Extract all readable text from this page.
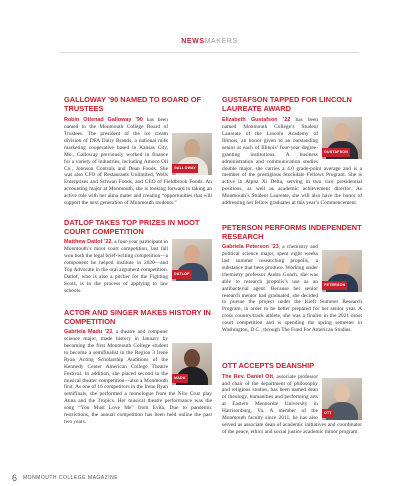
NEWSMAKERS
GALLOWAY ’90 NAMED TO BOARD OF TRUSTEES

GALLOWAY
Robin Ottenad Galloway ’90 has been named to the Monmouth College Board of Trustees. The president of the ice cream division of DFA Dairy Brands, a national milk marketing cooperative based in Kansas City, Mo., Galloway previously worked in finance for a variety of industries, including Amoco Oil Co., Johnson Controls and Dean Foods. She was also CFO of Restaurants Unlimited, Wells Enterprises and Schwan Foods, and CEO of Fieldbrook Foods. An accounting major at Monmouth, she is looking forward to taking an active role with her alma mater and creating “opportunities that will support the next generation of Monmouth students.”

DATLOF TAKES TOP PRIZES IN MOOT COURT COMPETITION

DATLOF
Matthew Datlof ’22, a four-year participant in Monmouth’s moot court competition, last fall won both the legal brief-writing competition—a component he helped institute in 2020—and Top Advocate in the oral argument competition. Datlof, who is also a pitcher for the Fighting Scots, is in the process of applying to law schools.

ACTOR AND SINGER MAKES HISTORY IN COMPETITION

MADU
Gabriela Madu ’23, a theatre and computer science major, made history in January by becoming the first Monmouth College student to become a semifinalist in the Region 3 Irene Ryan Acting Scholarship Auditions of the Kennedy Center American College Theatre Festival. In addition, she placed second in the musical theater competition—also a Monmouth first. As one of 16 competitors in the Irene Ryan semifinals, she performed a monologue from the Nilo Cruz play Anna and the Tropics. Her musical theatre performance was the song “You Must Love Me” from Evita. Due to pandemic restrictions, the annual competition has been held online the past two years.

GUSTAFSON TAPPED FOR LINCOLN LAUREATE AWARD

GUSTAFSON
Elizabeth Gustafson ’22 has been named Monmouth College’s Student Laureate of the Lincoln Academy of Illinois, an honor given to an outstanding senior at each of Illinois’ four-year degree-granting institutions. A business administration and communication studies double major, she carries a 4.0 grade-point average and is a member of the prestigious Stockdale Fellows Program. She is active in Alpha Xi Delta, serving in two vice presidential positions, as well as academic achievement director. As Monmouth’s Student Laureate, she will also have the honor of addressing her fellow graduates at this year’s Commencement.

PETERSON PERFORMS INDEPENDENT RESEARCH

PETERSON
Gabriela Peterson ’23, a chemistry and political science major, spent eight weeks last summer researching propolis, a substance that bees produce. Working under chemistry professor Audra Goach, she was able to research propolis’s use as an antibacterial agent. Because her senior research mentor had graduated, she decided to pursue the project under the Kieft Summer Research Program, in order to be better prepared for her senior year. A cross country/track athlete, she was a finalist in the 2021 moot court competition and is spending the spring semester in Washington, D.C., through The Fund For American Studies.

OTT ACCEPTS DEANSHIP

OTT
The Rev. Daniel Ott, associate professor and chair of the department of philosophy and religious studies, has been named dean of theology, humanities and performing arts at Eastern Mennonite University in Harrisonburg, Va. A member of the Monmouth faculty since 2011, he has also served as associate dean of academic initiatives and coordinator of the peace, ethics and social justice academic minor program.

6 MONMOUTH COLLEGE MAGAZINE
